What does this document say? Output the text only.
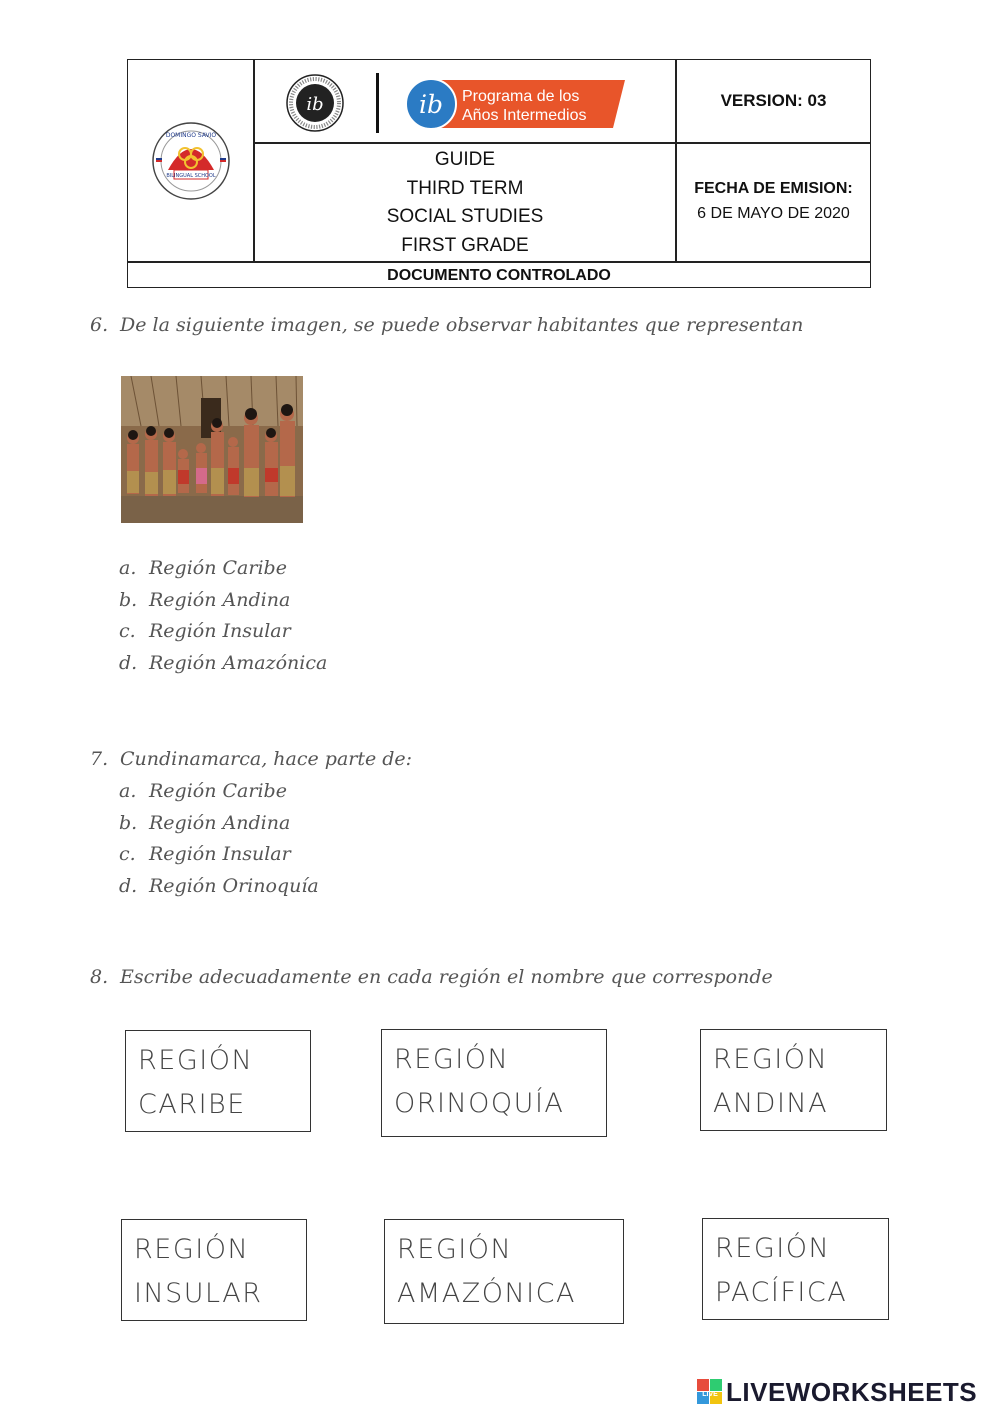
DOMINGO SAVIO
BILINGUAL SCHOOL
ib	ib Programa de los
Años Intermedios
VERSION: 03
GUIDE
THIRD TERM
SOCIAL STUDIES
FIRST GRADE
FECHA DE EMISION:
6 DE MAYO DE 2020
DOCUMENTO CONTROLADO
6. De la siguiente imagen, se puede observar habitantes que representan
a. Región Caribe
b. Región Andina
c. Región Insular
d. Región Amazónica
7. Cundinamarca, hace parte de:
a. Región Caribe
b. Región Andina
c. Región Insular
d. Región Orinoquía
8. Escribe adecuadamente en cada región el nombre que corresponde
REGIÓN
CARIBE
REGIÓN
ORINOQUÍA
REGIÓN
ANDINA
REGIÓN
INSULAR
REGIÓN
AMAZÓNICA
REGIÓN
PACÍFICA
LIVE LIVEWORKSHEETS
